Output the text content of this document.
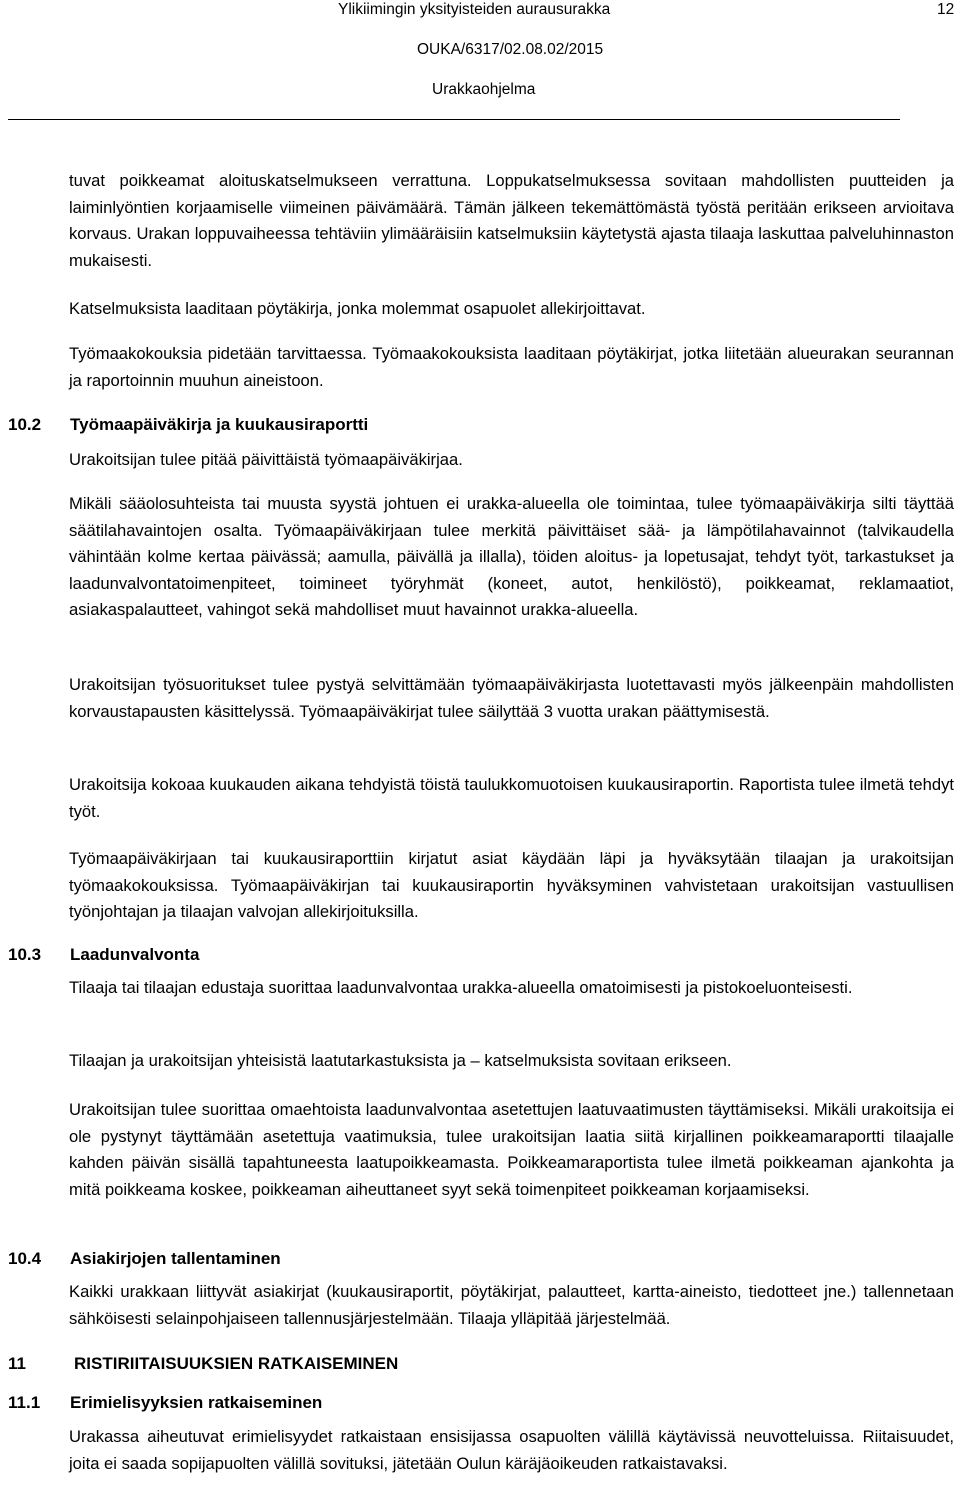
Ylikiimingin yksityisteiden aurausurakka	12
OUKA/6317/02.08.02/2015
Urakkaohjelma

tuvat poikkeamat aloituskatselmukseen verrattuna. Loppukatselmuksessa sovitaan mahdollisten puutteiden ja laiminlyöntien korjaamiselle viimeinen päivämäärä. Tämän jälkeen tekemättömästä työstä peritään erikseen arvioitava korvaus. Urakan loppuvaiheessa tehtäviin ylimääräisiin katselmuksiin käytetystä ajasta tilaaja laskuttaa palveluhinnaston mukaisesti.

Katselmuksista laaditaan pöytäkirja, jonka molemmat osapuolet allekirjoittavat.

Työmaakokouksia pidetään tarvittaessa. Työmaakokouksista laaditaan pöytäkirjat, jotka liitetään alueurakan seurannan ja raportoinnin muuhun aineistoon.

10.2 Työmaapäiväkirja ja kuukausiraportti

Urakoitsijan tulee pitää päivittäistä työmaapäiväkirjaa.

Mikäli sääolosuhteista tai muusta syystä johtuen ei urakka-alueella ole toimintaa, tulee työmaapäiväkirja silti täyttää säätilahavaintojen osalta. Työmaapäiväkirjaan tulee merkitä päivittäiset sää- ja lämpötilahavainnot (talvikaudella vähintään kolme kertaa päivässä; aamulla, päivällä ja illalla), töiden aloitus- ja lopetusajat, tehdyt työt, tarkastukset ja laadunvalvontatoimenpiteet, toimineet työryhmät (koneet, autot, henkilöstö), poikkeamat, reklamaatiot, asiakaspalautteet, vahingot sekä mahdolliset muut havainnot urakka-alueella.

Urakoitsijan työsuoritukset tulee pystyä selvittämään työmaapäiväkirjasta luotettavasti myös jälkeenpäin mahdollisten korvaustapausten käsittelyssä. Työmaapäiväkirjat tulee säilyttää 3 vuotta urakan päättymisestä.

Urakoitsija kokoaa kuukauden aikana tehdyistä töistä taulukkomuotoisen kuukausiraportin. Raportista tulee ilmetä tehdyt työt.

Työmaapäiväkirjaan tai kuukausiraporttiin kirjatut asiat käydään läpi ja hyväksytään tilaajan ja urakoitsijan työmaakokouksissa. Työmaapäiväkirjan tai kuukausiraportin hyväksyminen vahvistetaan urakoitsijan vastuullisen työnjohtajan ja tilaajan valvojan allekirjoituksilla.

10.3 Laadunvalvonta

Tilaaja tai tilaajan edustaja suorittaa laadunvalvontaa urakka-alueella omatoimisesti ja pistokoeluonteisesti.

Tilaajan ja urakoitsijan yhteisistä laatutarkastuksista ja – katselmuksista sovitaan erikseen.

Urakoitsijan tulee suorittaa omaehtoista laadunvalvontaa asetettujen laatuvaatimusten täyttämiseksi. Mikäli urakoitsija ei ole pystynyt täyttämään asetettuja vaatimuksia, tulee urakoitsijan laatia siitä kirjallinen poikkeamaraportti tilaajalle kahden päivän sisällä tapahtuneesta laatupoikkeamasta. Poikkeamaraportista tulee ilmetä poikkeaman ajankohta ja mitä poikkeama koskee, poikkeaman aiheuttaneet syyt sekä toimenpiteet poikkeaman korjaamiseksi.

10.4 Asiakirjojen tallentaminen

Kaikki urakkaan liittyvät asiakirjat (kuukausiraportit, pöytäkirjat, palautteet, kartta-aineisto, tiedotteet jne.) tallennetaan sähköisesti selainpohjaiseen tallennusjärjestelmään. Tilaaja ylläpitää järjestelmää.

11	RISTIRIITAISUUKSIEN RATKAISEMINEN
11.1 Erimielisyyksien ratkaiseminen

Urakassa aiheutuvat erimielisyydet ratkaistaan ensisijassa osapuolten välillä käytävissä neuvotteluissa. Riitaisuudet, joita ei saada sopijapuolten välillä sovituksi, jätetään Oulun käräjäoikeuden ratkaistavaksi.
